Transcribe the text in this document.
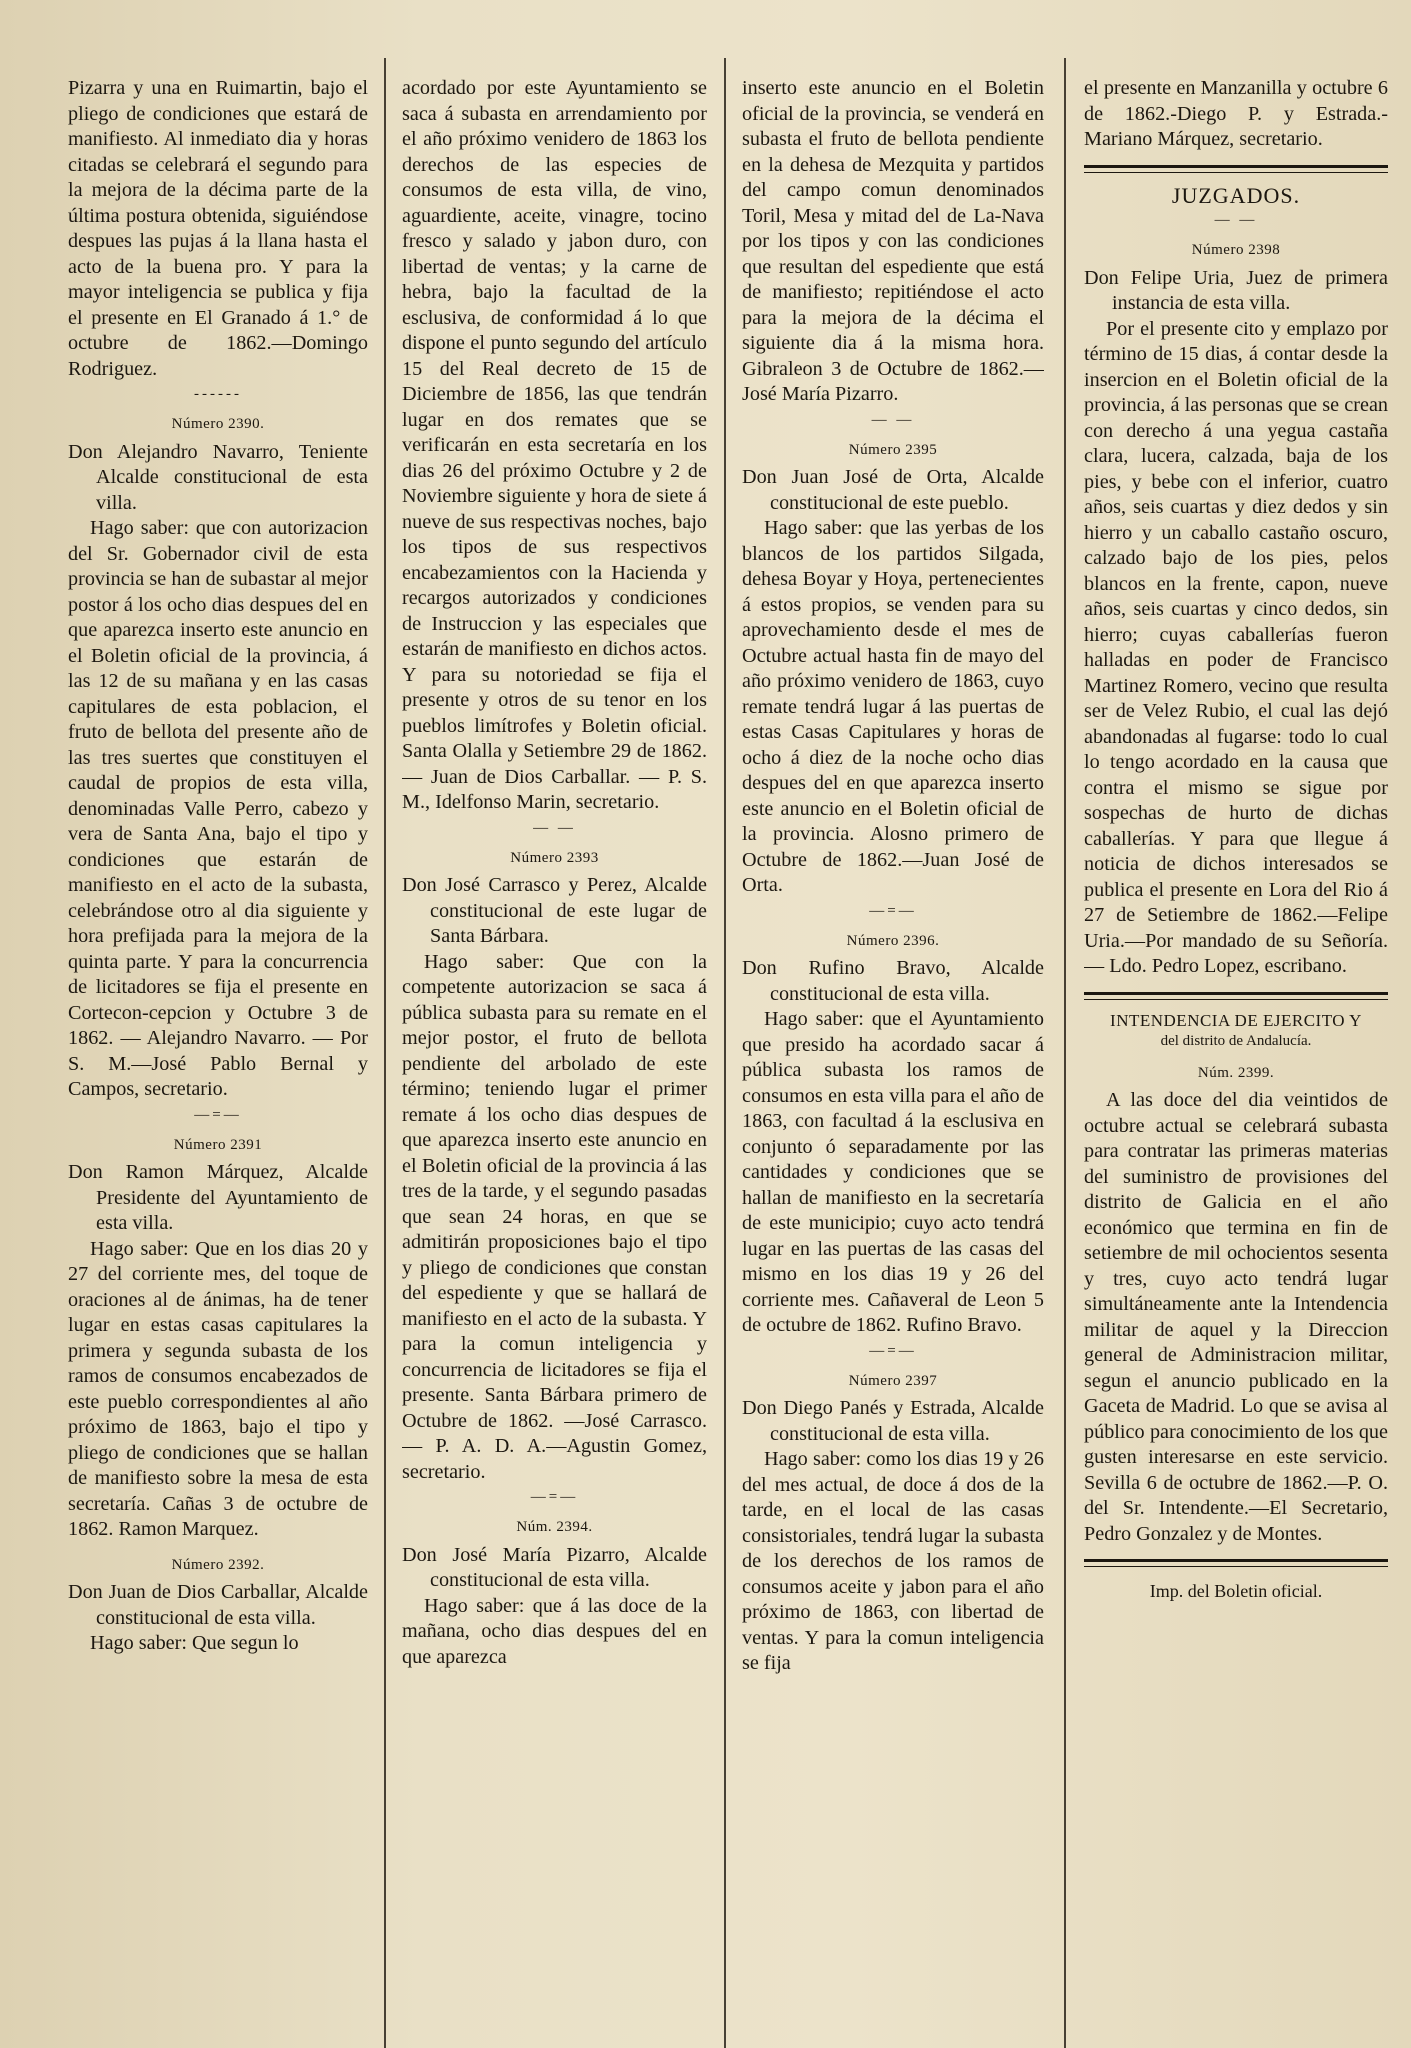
Pizarra y una en Ruimartin, bajo el pliego de condiciones que estará de manifiesto. Al inmediato dia y horas citadas se celebrará el segundo para la mejora de la décima parte de la última postura obtenida, siguiéndose despues las pujas á la llana hasta el acto de la buena pro. Y para la mayor inteligencia se publica y fija el presente en El Granado á 1.° de octubre de 1862.—Domingo Rodriguez.

------
Número 2390.

Don Alejandro Navarro, Teniente Alcalde constitucional de esta villa.

Hago saber: que con autorizacion del Sr. Gobernador civil de esta provincia se han de subastar al mejor postor á los ocho dias despues del en que aparezca inserto este anuncio en el Boletin oficial de la provincia, á las 12 de su mañana y en las casas capitulares de esta poblacion, el fruto de bellota del presente año de las tres suertes que constituyen el caudal de propios de esta villa, denominadas Valle Perro, cabezo y vera de Santa Ana, bajo el tipo y condiciones que estarán de manifiesto en el acto de la subasta, celebrándose otro al dia siguiente y hora prefijada para la mejora de la quinta parte. Y para la concurrencia de licitadores se fija el presente en Cortecon-cepcion y Octubre 3 de 1862. — Alejandro Navarro. — Por S. M.—José Pablo Bernal y Campos, secretario.

—=—
Número 2391

Don Ramon Márquez, Alcalde Presidente del Ayuntamiento de esta villa.

Hago saber: Que en los dias 20 y 27 del corriente mes, del toque de oraciones al de ánimas, ha de tener lugar en estas casas capitulares la primera y segunda subasta de los ramos de consumos encabezados de este pueblo correspondientes al año próximo de 1863, bajo el tipo y pliego de condiciones que se hallan de manifiesto sobre la mesa de esta secretaría. Cañas 3 de octubre de 1862. Ramon Marquez.

Número 2392.

Don Juan de Dios Carballar, Alcalde constitucional de esta villa.

Hago saber: Que segun lo

acordado por este Ayuntamiento se saca á subasta en arrendamiento por el año próximo venidero de 1863 los derechos de las especies de consumos de esta villa, de vino, aguardiente, aceite, vinagre, tocino fresco y salado y jabon duro, con libertad de ventas; y la carne de hebra, bajo la facultad de la esclusiva, de conformidad á lo que dispone el punto segundo del artículo 15 del Real decreto de 15 de Diciembre de 1856, las que tendrán lugar en dos remates que se verificarán en esta secretaría en los dias 26 del próximo Octubre y 2 de Noviembre siguiente y hora de siete á nueve de sus respectivas noches, bajo los tipos de sus respectivos encabezamientos con la Hacienda y recargos autorizados y condiciones de Instruccion y las especiales que estarán de manifiesto en dichos actos. Y para su notoriedad se fija el presente y otros de su tenor en los pueblos limítrofes y Boletin oficial. Santa Olalla y Setiembre 29 de 1862.— Juan de Dios Carballar. — P. S. M., Idelfonso Marin, secretario.

— —
Número 2393

Don José Carrasco y Perez, Alcalde constitucional de este lugar de Santa Bárbara.

Hago saber: Que con la competente autorizacion se saca á pública subasta para su remate en el mejor postor, el fruto de bellota pendiente del arbolado de este término; teniendo lugar el primer remate á los ocho dias despues de que aparezca inserto este anuncio en el Boletin oficial de la provincia á las tres de la tarde, y el segundo pasadas que sean 24 horas, en que se admitirán proposiciones bajo el tipo y pliego de condiciones que constan del espediente y que se hallará de manifiesto en el acto de la subasta. Y para la comun inteligencia y concurrencia de licitadores se fija el presente. Santa Bárbara primero de Octubre de 1862. —José Carrasco. — P. A. D. A.—Agustin Gomez, secretario.

—=—
Núm. 2394.

Don José María Pizarro, Alcalde constitucional de esta villa.

Hago saber: que á las doce de la mañana, ocho dias despues del en que aparezca

inserto este anuncio en el Boletin oficial de la provincia, se venderá en subasta el fruto de bellota pendiente en la dehesa de Mezquita y partidos del campo comun denominados Toril, Mesa y mitad del de La-Nava por los tipos y con las condiciones que resultan del espediente que está de manifiesto; repitiéndose el acto para la mejora de la décima el siguiente dia á la misma hora. Gibraleon 3 de Octubre de 1862.— José María Pizarro.

— —
Número 2395

Don Juan José de Orta, Alcalde constitucional de este pueblo.

Hago saber: que las yerbas de los blancos de los partidos Silgada, dehesa Boyar y Hoya, pertenecientes á estos propios, se venden para su aprovechamiento desde el mes de Octubre actual hasta fin de mayo del año próximo venidero de 1863, cuyo remate tendrá lugar á las puertas de estas Casas Capitulares y horas de ocho á diez de la noche ocho dias despues del en que aparezca inserto este anuncio en el Boletin oficial de la provincia. Alosno primero de Octubre de 1862.—Juan José de Orta.

—=—
Número 2396.

Don Rufino Bravo, Alcalde constitucional de esta villa.

Hago saber: que el Ayuntamiento que presido ha acordado sacar á pública subasta los ramos de consumos en esta villa para el año de 1863, con facultad á la esclusiva en conjunto ó separadamente por las cantidades y condiciones que se hallan de manifiesto en la secretaría de este municipio; cuyo acto tendrá lugar en las puertas de las casas del mismo en los dias 19 y 26 del corriente mes. Cañaveral de Leon 5 de octubre de 1862. Rufino Bravo.

—=—
Número 2397

Don Diego Panés y Estrada, Alcalde constitucional de esta villa.

Hago saber: como los dias 19 y 26 del mes actual, de doce á dos de la tarde, en el local de las casas consistoriales, tendrá lugar la subasta de los derechos de los ramos de consumos aceite y jabon para el año próximo de 1863, con libertad de ventas. Y para la comun inteligencia se fija

el presente en Manzanilla y octubre 6 de 1862.-Diego P. y Estrada.-Mariano Márquez, secretario.

JUZGADOS.
— —
Número 2398

Don Felipe Uria, Juez de primera instancia de esta villa.

Por el presente cito y emplazo por término de 15 dias, á contar desde la insercion en el Boletin oficial de la provincia, á las personas que se crean con derecho á una yegua castaña clara, lucera, calzada, baja de los pies, y bebe con el inferior, cuatro años, seis cuartas y diez dedos y sin hierro y un caballo castaño oscuro, calzado bajo de los pies, pelos blancos en la frente, capon, nueve años, seis cuartas y cinco dedos, sin hierro; cuyas caballerías fueron halladas en poder de Francisco Martinez Romero, vecino que resulta ser de Velez Rubio, el cual las dejó abandonadas al fugarse: todo lo cual lo tengo acordado en la causa que contra el mismo se sigue por sospechas de hurto de dichas caballerías. Y para que llegue á noticia de dichos interesados se publica el presente en Lora del Rio á 27 de Setiembre de 1862.—Felipe Uria.—Por mandado de su Señoría.— Ldo. Pedro Lopez, escribano.

INTENDENCIA DE EJERCITO Y
del distrito de Andalucía.
Núm. 2399.

A las doce del dia veintidos de octubre actual se celebrará subasta para contratar las primeras materias del suministro de provisiones del distrito de Galicia en el año económico que termina en fin de setiembre de mil ochocientos sesenta y tres, cuyo acto tendrá lugar simultáneamente ante la Intendencia militar de aquel y la Direccion general de Administracion militar, segun el anuncio publicado en la Gaceta de Madrid. Lo que se avisa al público para conocimiento de los que gusten interesarse en este servicio. Sevilla 6 de octubre de 1862.—P. O. del Sr. Intendente.—El Secretario, Pedro Gonzalez y de Montes.

Imp. del Boletin oficial.
